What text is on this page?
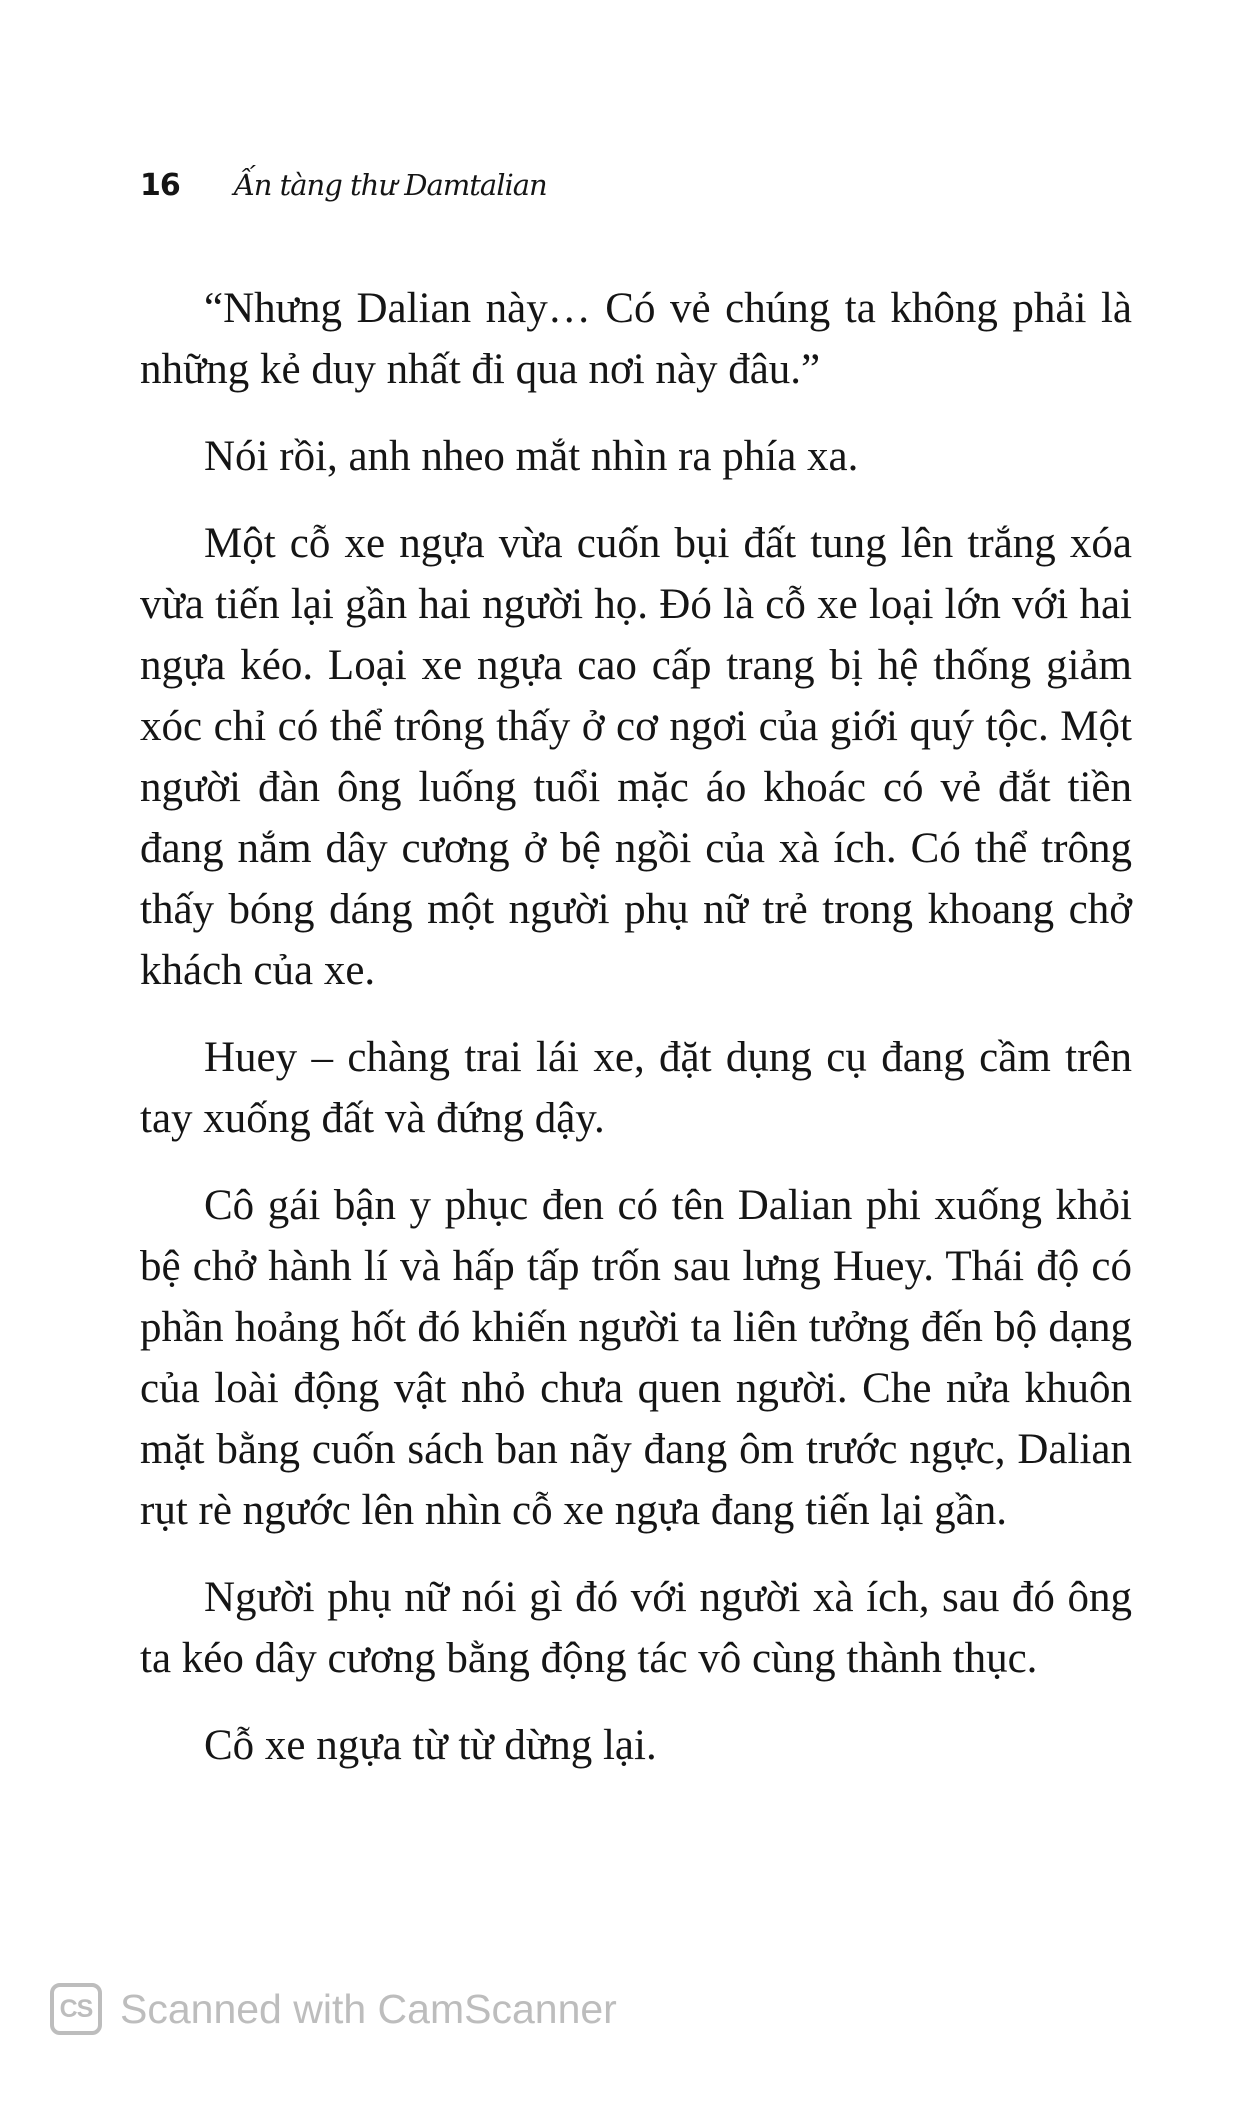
16 Ấn tàng thư Damtalian

“Nhưng Dalian này… Có vẻ chúng ta không phải là những kẻ duy nhất đi qua nơi này đâu.”

Nói rồi, anh nheo mắt nhìn ra phía xa.

Một cỗ xe ngựa vừa cuốn bụi đất tung lên trắng xóa vừa tiến lại gần hai người họ. Đó là cỗ xe loại lớn với hai ngựa kéo. Loại xe ngựa cao cấp trang bị hệ thống giảm xóc chỉ có thể trông thấy ở cơ ngơi của giới quý tộc. Một người đàn ông luống tuổi mặc áo khoác có vẻ đắt tiền đang nắm dây cương ở bệ ngồi của xà ích. Có thể trông thấy bóng dáng một người phụ nữ trẻ trong khoang chở khách của xe.

Huey – chàng trai lái xe, đặt dụng cụ đang cầm trên tay xuống đất và đứng dậy.

Cô gái bận y phục đen có tên Dalian phi xuống khỏi bệ chở hành lí và hấp tấp trốn sau lưng Huey. Thái độ có phần hoảng hốt đó khiến người ta liên tưởng đến bộ dạng của loài động vật nhỏ chưa quen người. Che nửa khuôn mặt bằng cuốn sách ban nãy đang ôm trước ngực, Dalian rụt rè ngước lên nhìn cỗ xe ngựa đang tiến lại gần.

Người phụ nữ nói gì đó với người xà ích, sau đó ông ta kéo dây cương bằng động tác vô cùng thành thục.

Cỗ xe ngựa từ từ dừng lại.

CS Scanned with CamScanner
